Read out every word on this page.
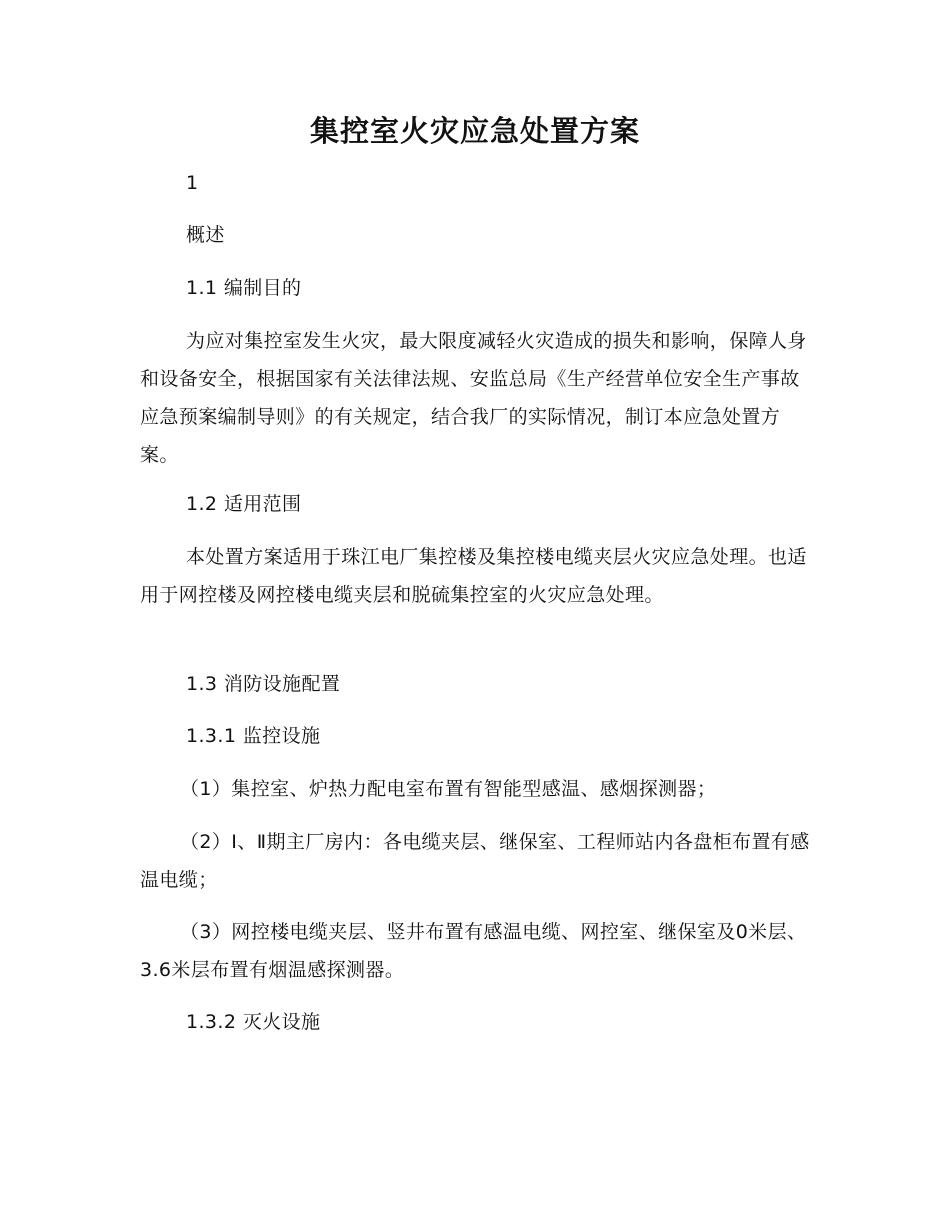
集控室火灾应急处置方案

1

概述

1.1 编制目的

为应对集控室发生火灾，最大限度减轻火灾造成的损失和影响，保障人身和设备安全，根据国家有关法律法规、安监总局《生产经营单位安全生产事故应急预案编制导则》的有关规定，结合我厂的实际情况，制订本应急处置方案。

1.2 适用范围

本处置方案适用于珠江电厂集控楼及集控楼电缆夹层火灾应急处理。也适用于网控楼及网控楼电缆夹层和脱硫集控室的火灾应急处理。

1.3 消防设施配置

1.3.1 监控设施

（1）集控室、炉热力配电室布置有智能型感温、感烟探测器；

（2）Ⅰ、Ⅱ期主厂房内：各电缆夹层、继保室、工程师站内各盘柜布置有感温电缆；

（3）网控楼电缆夹层、竖井布置有感温电缆、网控室、继保室及0米层、3.6米层布置有烟温感探测器。

1.3.2 灭火设施
